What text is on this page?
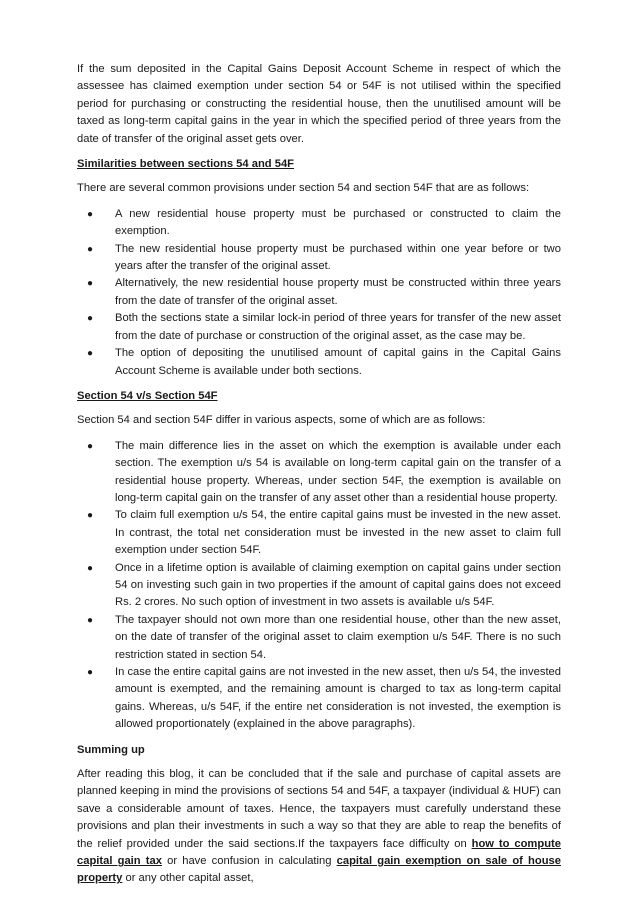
If the sum deposited in the Capital Gains Deposit Account Scheme in respect of which the assessee has claimed exemption under section 54 or 54F is not utilised within the specified period for purchasing or constructing the residential house, then the unutilised amount will be taxed as long-term capital gains in the year in which the specified period of three years from the date of transfer of the original asset gets over.

Similarities between sections 54 and 54F

There are several common provisions under section 54 and section 54F that are as follows:

● A new residential house property must be purchased or constructed to claim the exemption.
● The new residential house property must be purchased within one year before or two years after the transfer of the original asset.
● Alternatively, the new residential house property must be constructed within three years from the date of transfer of the original asset.
● Both the sections state a similar lock-in period of three years for transfer of the new asset from the date of purchase or construction of the original asset, as the case may be.
● The option of depositing the unutilised amount of capital gains in the Capital Gains Account Scheme is available under both sections.
Section 54 v/s Section 54F

Section 54 and section 54F differ in various aspects, some of which are as follows:

● The main difference lies in the asset on which the exemption is available under each section. The exemption u/s 54 is available on long-term capital gain on the transfer of a residential house property. Whereas, under section 54F, the exemption is available on long-term capital gain on the transfer of any asset other than a residential house property.
● To claim full exemption u/s 54, the entire capital gains must be invested in the new asset. In contrast, the total net consideration must be invested in the new asset to claim full exemption under section 54F.
● Once in a lifetime option is available of claiming exemption on capital gains under section 54 on investing such gain in two properties if the amount of capital gains does not exceed Rs. 2 crores. No such option of investment in two assets is available u/s 54F.
● The taxpayer should not own more than one residential house, other than the new asset, on the date of transfer of the original asset to claim exemption u/s 54F. There is no such restriction stated in section 54.
● In case the entire capital gains are not invested in the new asset, then u/s 54, the invested amount is exempted, and the remaining amount is charged to tax as long-term capital gains. Whereas, u/s 54F, if the entire net consideration is not invested, the exemption is allowed proportionately (explained in the above paragraphs).
Summing up

After reading this blog, it can be concluded that if the sale and purchase of capital assets are planned keeping in mind the provisions of sections 54 and 54F, a taxpayer (individual & HUF) can save a considerable amount of taxes. Hence, the taxpayers must carefully understand these provisions and plan their investments in such a way so that they are able to reap the benefits of the relief provided under the said sections.If the taxpayers face difficulty on how to compute capital gain tax or have confusion in calculating capital gain exemption on sale of house property or any other capital asset,
